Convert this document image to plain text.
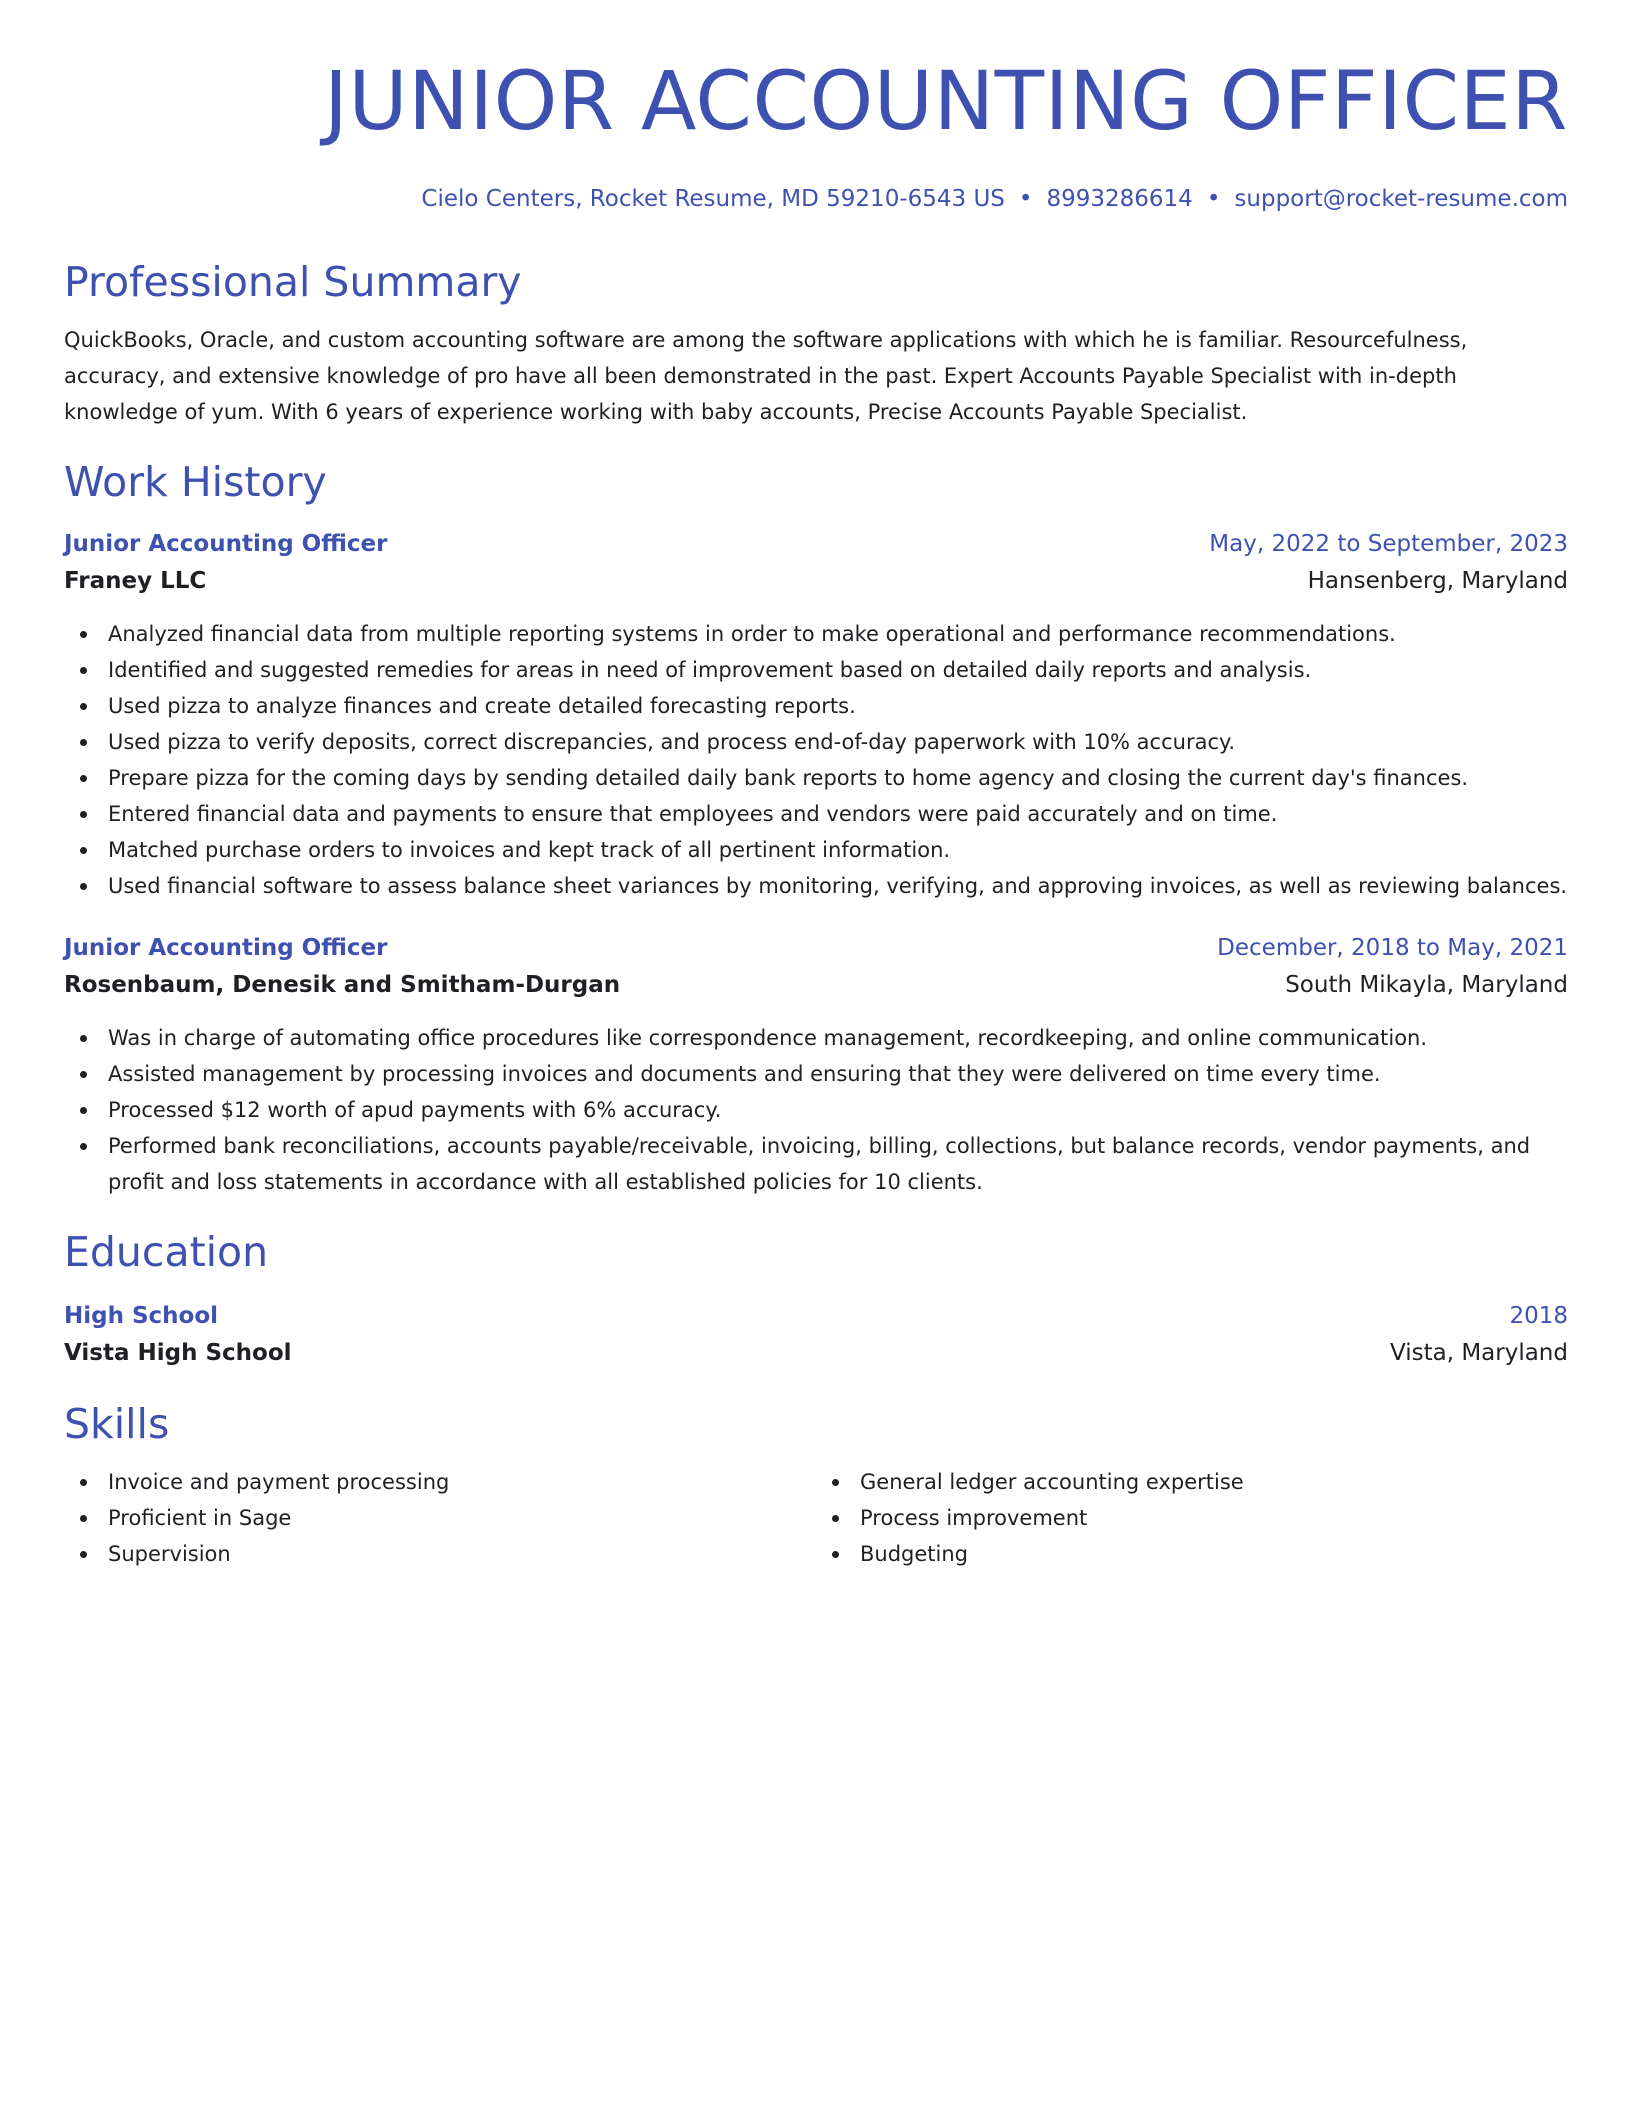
JUNIOR ACCOUNTING OFFICER
Cielo Centers, Rocket Resume, MD 59210-6543 US • 8993286614 • support@rocket-resume.com
Professional Summary

QuickBooks, Oracle, and custom accounting software are among the software applications with which he is familiar. Resourcefulness, accuracy, and extensive knowledge of pro have all been demonstrated in the past. Expert Accounts Payable Specialist with in-depth knowledge of yum. With 6 years of experience working with baby accounts, Precise Accounts Payable Specialist.

Work History
Junior Accounting Officer	May, 2022 to September, 2023
Franey LLC	Hansenberg, Maryland
Analyzed financial data from multiple reporting systems in order to make operational and performance recommendations.
Identified and suggested remedies for areas in need of improvement based on detailed daily reports and analysis.
Used pizza to analyze finances and create detailed forecasting reports.
Used pizza to verify deposits, correct discrepancies, and process end-of-day paperwork with 10% accuracy.
Prepare pizza for the coming days by sending detailed daily bank reports to home agency and closing the current day's finances.
Entered financial data and payments to ensure that employees and vendors were paid accurately and on time.
Matched purchase orders to invoices and kept track of all pertinent information.
Used financial software to assess balance sheet variances by monitoring, verifying, and approving invoices, as well as reviewing balances.
Junior Accounting Officer	December, 2018 to May, 2021
Rosenbaum, Denesik and Smitham-Durgan	South Mikayla, Maryland
Was in charge of automating office procedures like correspondence management, recordkeeping, and online communication.
Assisted management by processing invoices and documents and ensuring that they were delivered on time every time.
Processed $12 worth of apud payments with 6% accuracy.
Performed bank reconciliations, accounts payable/receivable, invoicing, billing, collections, but balance records, vendor payments, and profit and loss statements in accordance with all established policies for 10 clients.
Education
High School	2018
Vista High School	Vista, Maryland
Skills
Invoice and payment processing
Proficient in Sage
Supervision
General ledger accounting expertise
Process improvement
Budgeting
